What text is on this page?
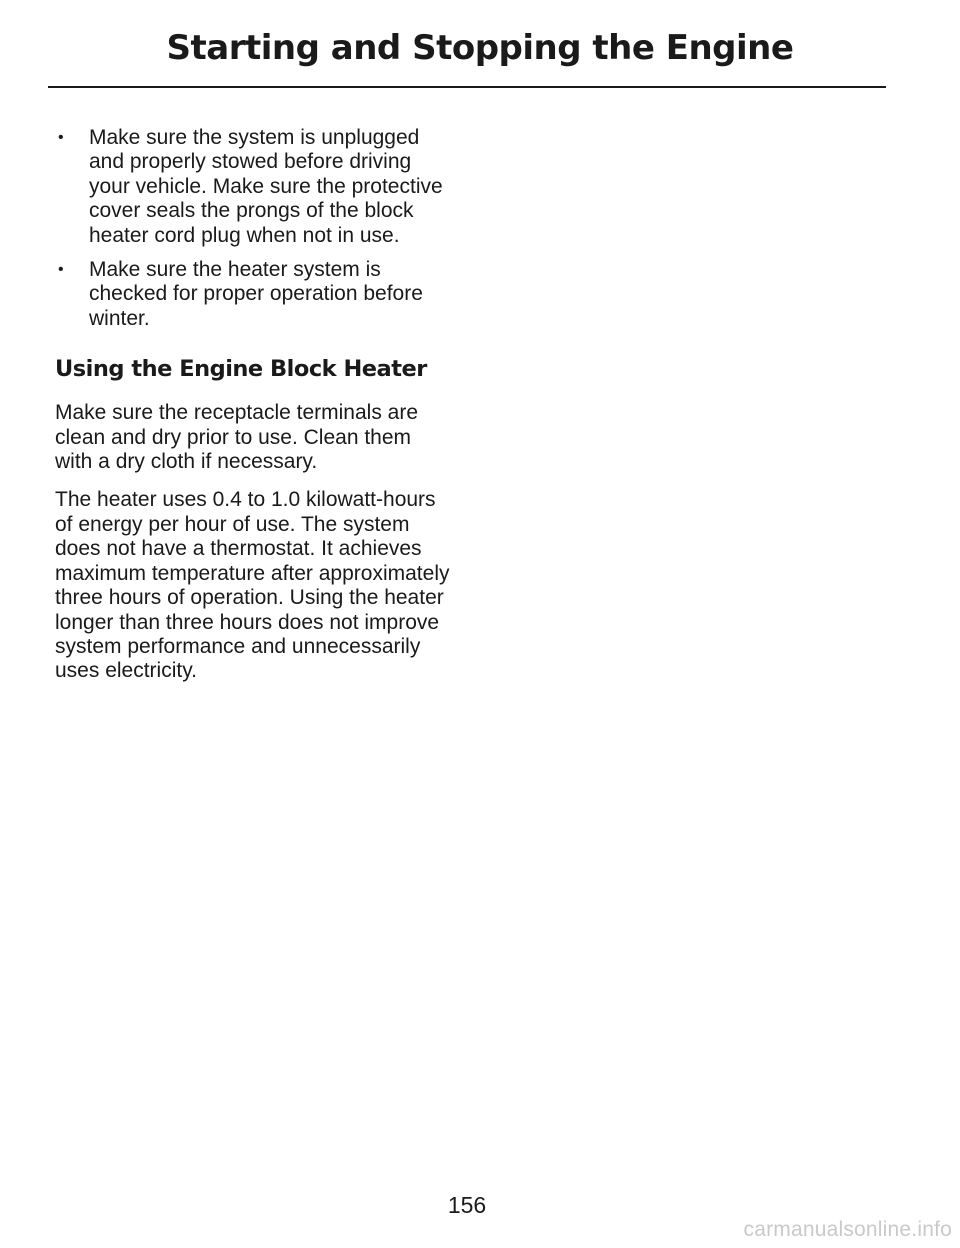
Starting and Stopping the Engine
• Make sure the system is unplugged and properly stowed before driving your vehicle. Make sure the protective cover seals the prongs of the block heater cord plug when not in use.
• Make sure the heater system is checked for proper operation before winter.
Using the Engine Block Heater

Make sure the receptacle terminals are clean and dry prior to use. Clean them with a dry cloth if necessary.

The heater uses 0.4 to 1.0 kilowatt-hours of energy per hour of use. The system does not have a thermostat. It achieves maximum temperature after approximately three hours of operation. Using the heater longer than three hours does not improve system performance and unnecessarily uses electricity.

156
carmanualsonline.info
